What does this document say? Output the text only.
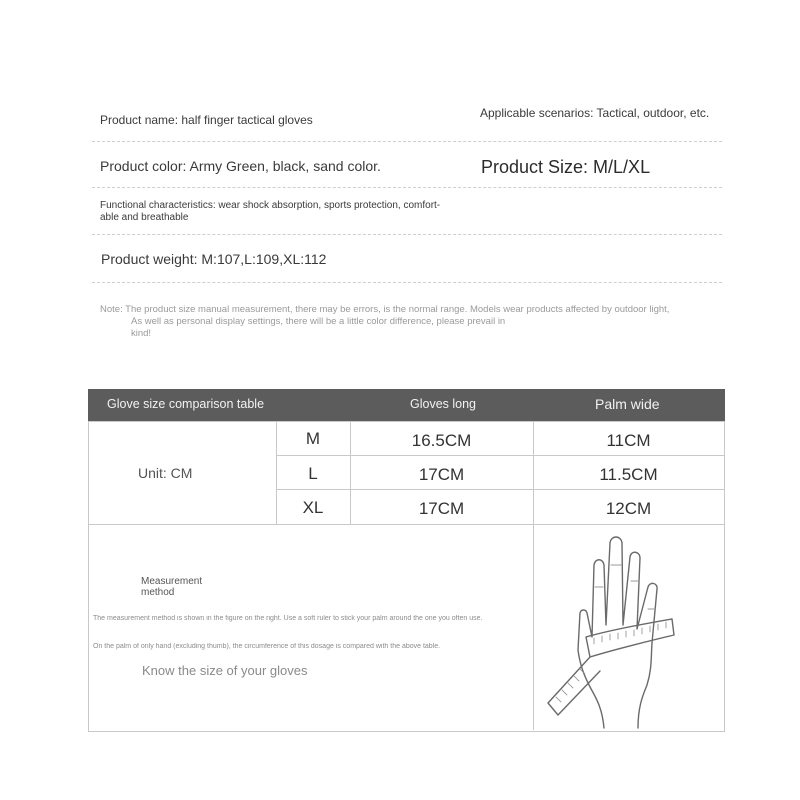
Product name: half finger tactical gloves	Applicable scenarios: Tactical, outdoor, etc.
Product color: Army Green, black, sand color.	Product Size: M/L/XL
Functional characteristics: wear shock absorption, sports protection, comfort-
able and breathable
Product weight: M:107,L:109,XL:112
Note: The product size manual measurement, there may be errors, is the normal range. Models wear products affected by outdoor light,
As well as personal display settings, there will be a little color difference, please prevail in
kind!
Glove size comparison table	Gloves long	Palm wide
Unit: CM
M	16.5CM	11CM
L	17CM	11.5CM
XL	17CM	12CM
Measurement
method
The measurement method is shown in the figure on the right. Use a soft ruler to stick your palm around the one you often use.
On the palm of only hand (excluding thumb), the circumference of this dosage is compared with the above table.
Know the size of your gloves
